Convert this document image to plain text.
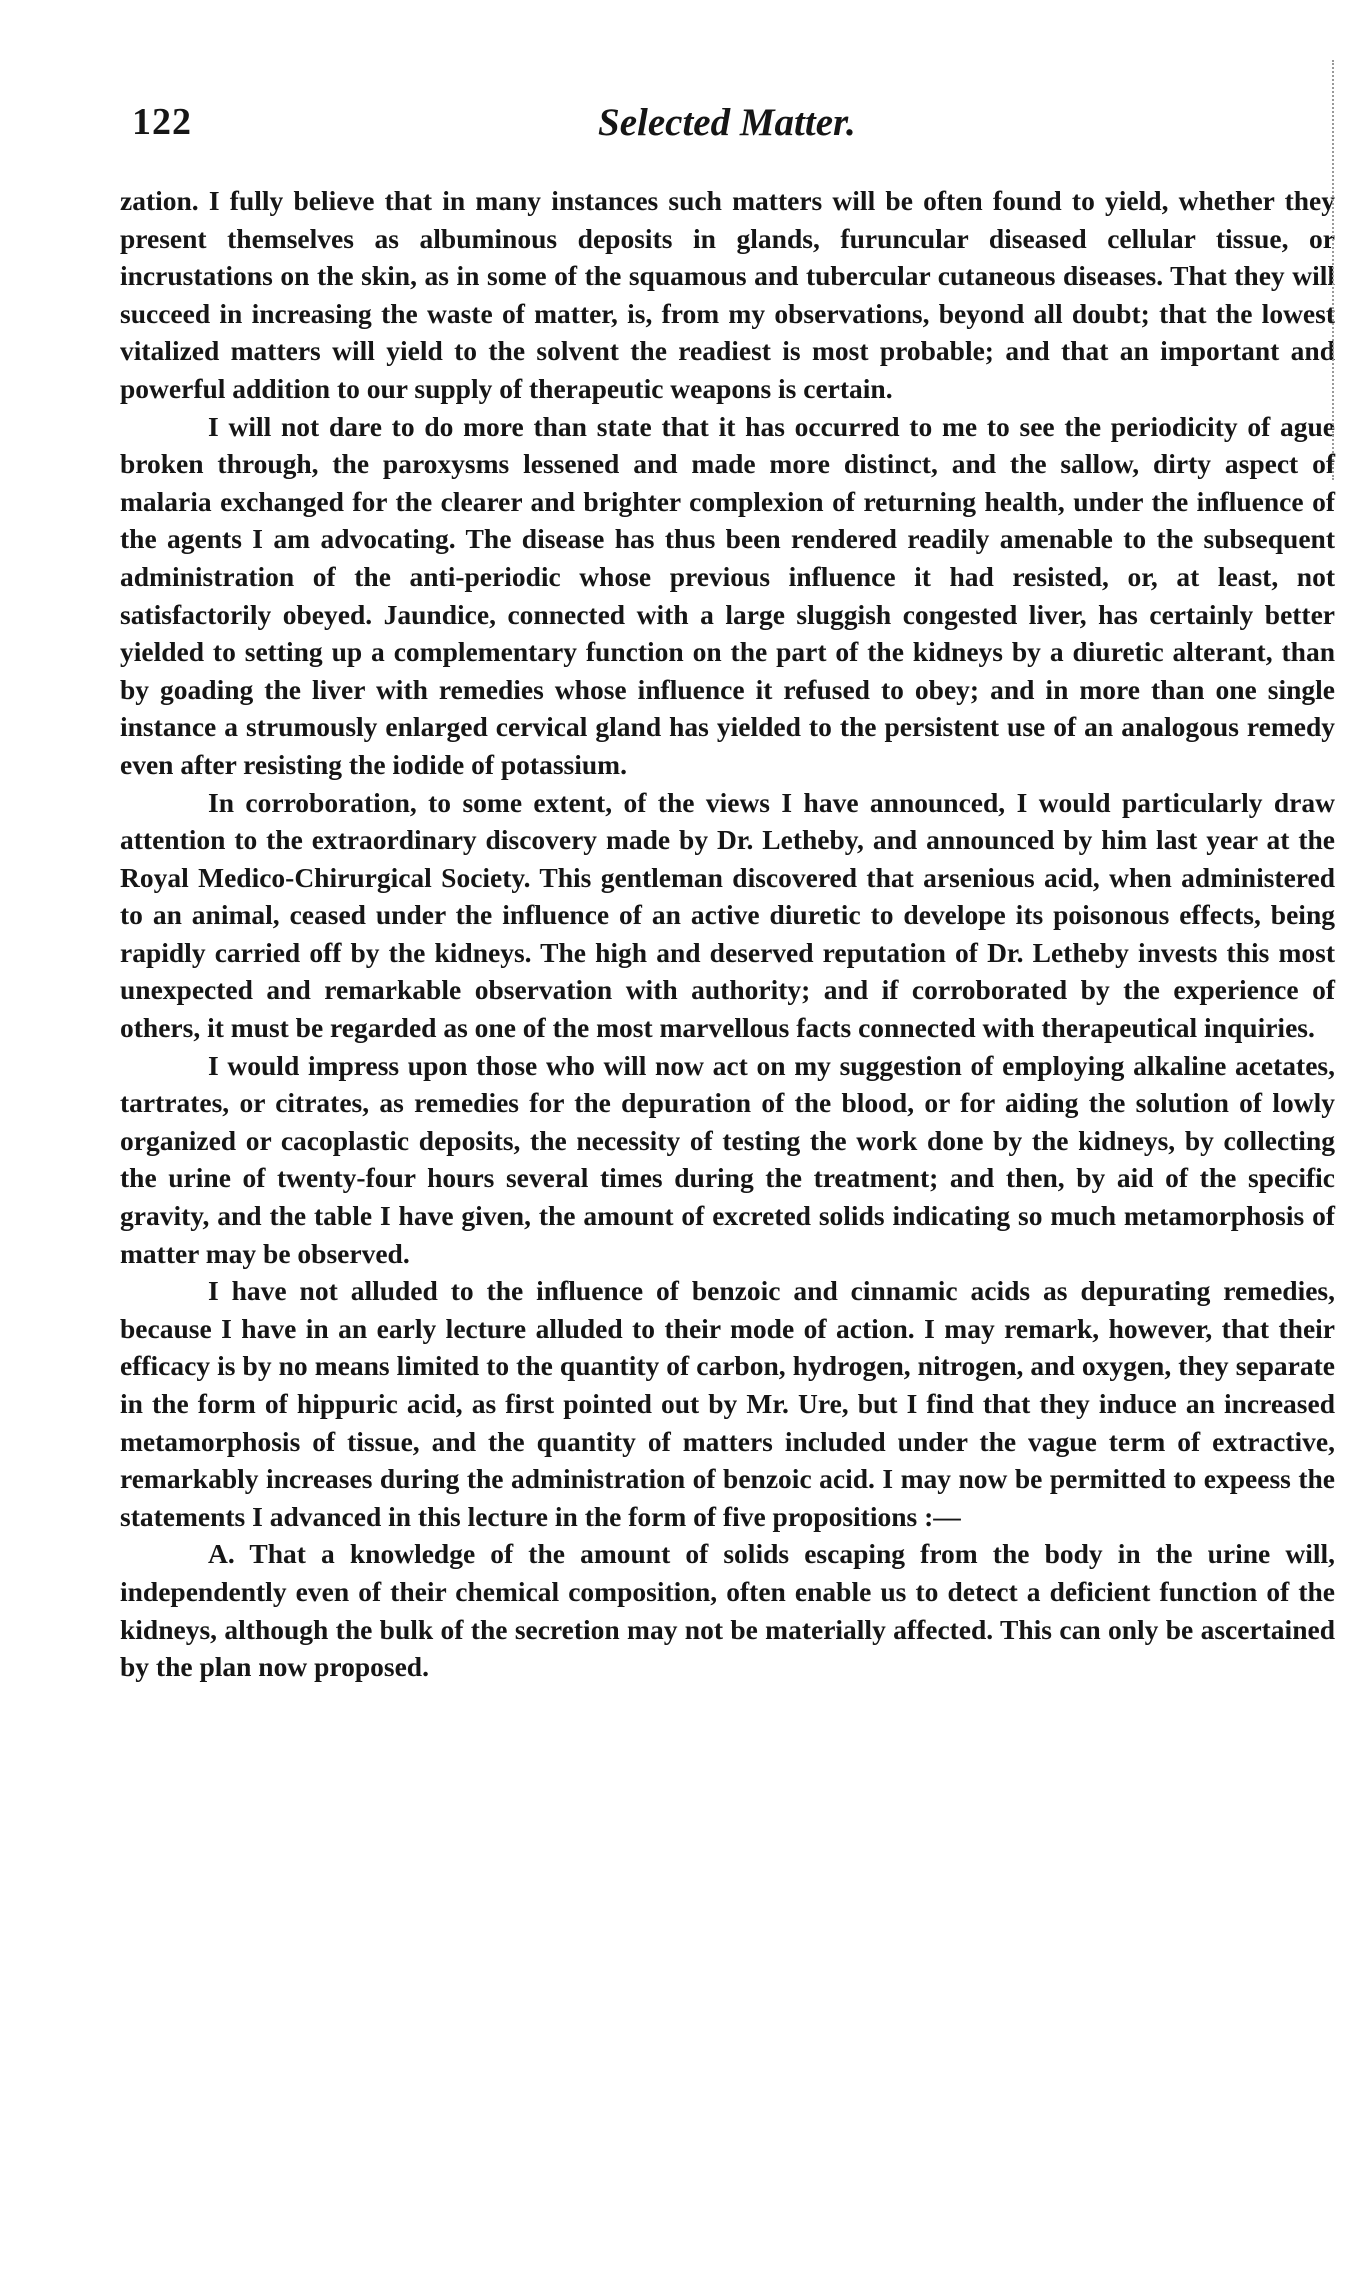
122	Selected Matter.

zation. I fully believe that in many instances such matters will be often found to yield, whether they present themselves as albuminous deposits in glands, furuncular diseased cellular tissue, or incrustations on the skin, as in some of the squamous and tubercular cutaneous diseases. That they will succeed in increasing the waste of matter, is, from my observations, beyond all doubt; that the lowest vitalized matters will yield to the solvent the readiest is most probable; and that an important and powerful addition to our supply of therapeutic weapons is certain.

I will not dare to do more than state that it has occurred to me to see the periodicity of ague broken through, the paroxysms lessened and made more distinct, and the sallow, dirty aspect of malaria exchanged for the clearer and brighter complexion of returning health, under the influence of the agents I am advocating. The disease has thus been rendered readily amenable to the subsequent administration of the anti-periodic whose previous influence it had resisted, or, at least, not satisfactorily obeyed. Jaundice, connected with a large sluggish congested liver, has certainly better yielded to setting up a complementary function on the part of the kidneys by a diuretic alterant, than by goading the liver with remedies whose influence it refused to obey; and in more than one single instance a strumously enlarged cervical gland has yielded to the persistent use of an analogous remedy even after resisting the iodide of potassium.

In corroboration, to some extent, of the views I have announced, I would particularly draw attention to the extraordinary discovery made by Dr. Letheby, and announced by him last year at the Royal Medico-Chirurgical Society. This gentleman discovered that arsenious acid, when administered to an animal, ceased under the influence of an active diuretic to develope its poisonous effects, being rapidly carried off by the kidneys. The high and deserved reputation of Dr. Letheby invests this most unexpected and remarkable observation with authority; and if corroborated by the experience of others, it must be regarded as one of the most marvellous facts connected with therapeutical inquiries.

I would impress upon those who will now act on my suggestion of employing alkaline acetates, tartrates, or citrates, as remedies for the depuration of the blood, or for aiding the solution of lowly organized or cacoplastic deposits, the necessity of testing the work done by the kidneys, by collecting the urine of twenty-four hours several times during the treatment; and then, by aid of the specific gravity, and the table I have given, the amount of excreted solids indicating so much metamorphosis of matter may be observed.

I have not alluded to the influence of benzoic and cinnamic acids as depurating remedies, because I have in an early lecture alluded to their mode of action. I may remark, however, that their efficacy is by no means limited to the quantity of carbon, hydrogen, nitrogen, and oxygen, they separate in the form of hippuric acid, as first pointed out by Mr. Ure, but I find that they induce an increased metamorphosis of tissue, and the quantity of matters included under the vague term of extractive, remarkably increases during the administration of benzoic acid. I may now be permitted to expeess the statements I advanced in this lecture in the form of five propositions :—

A. That a knowledge of the amount of solids escaping from the body in the urine will, independently even of their chemical composition, often enable us to detect a deficient function of the kidneys, although the bulk of the secretion may not be materially affected. This can only be ascertained by the plan now proposed.
